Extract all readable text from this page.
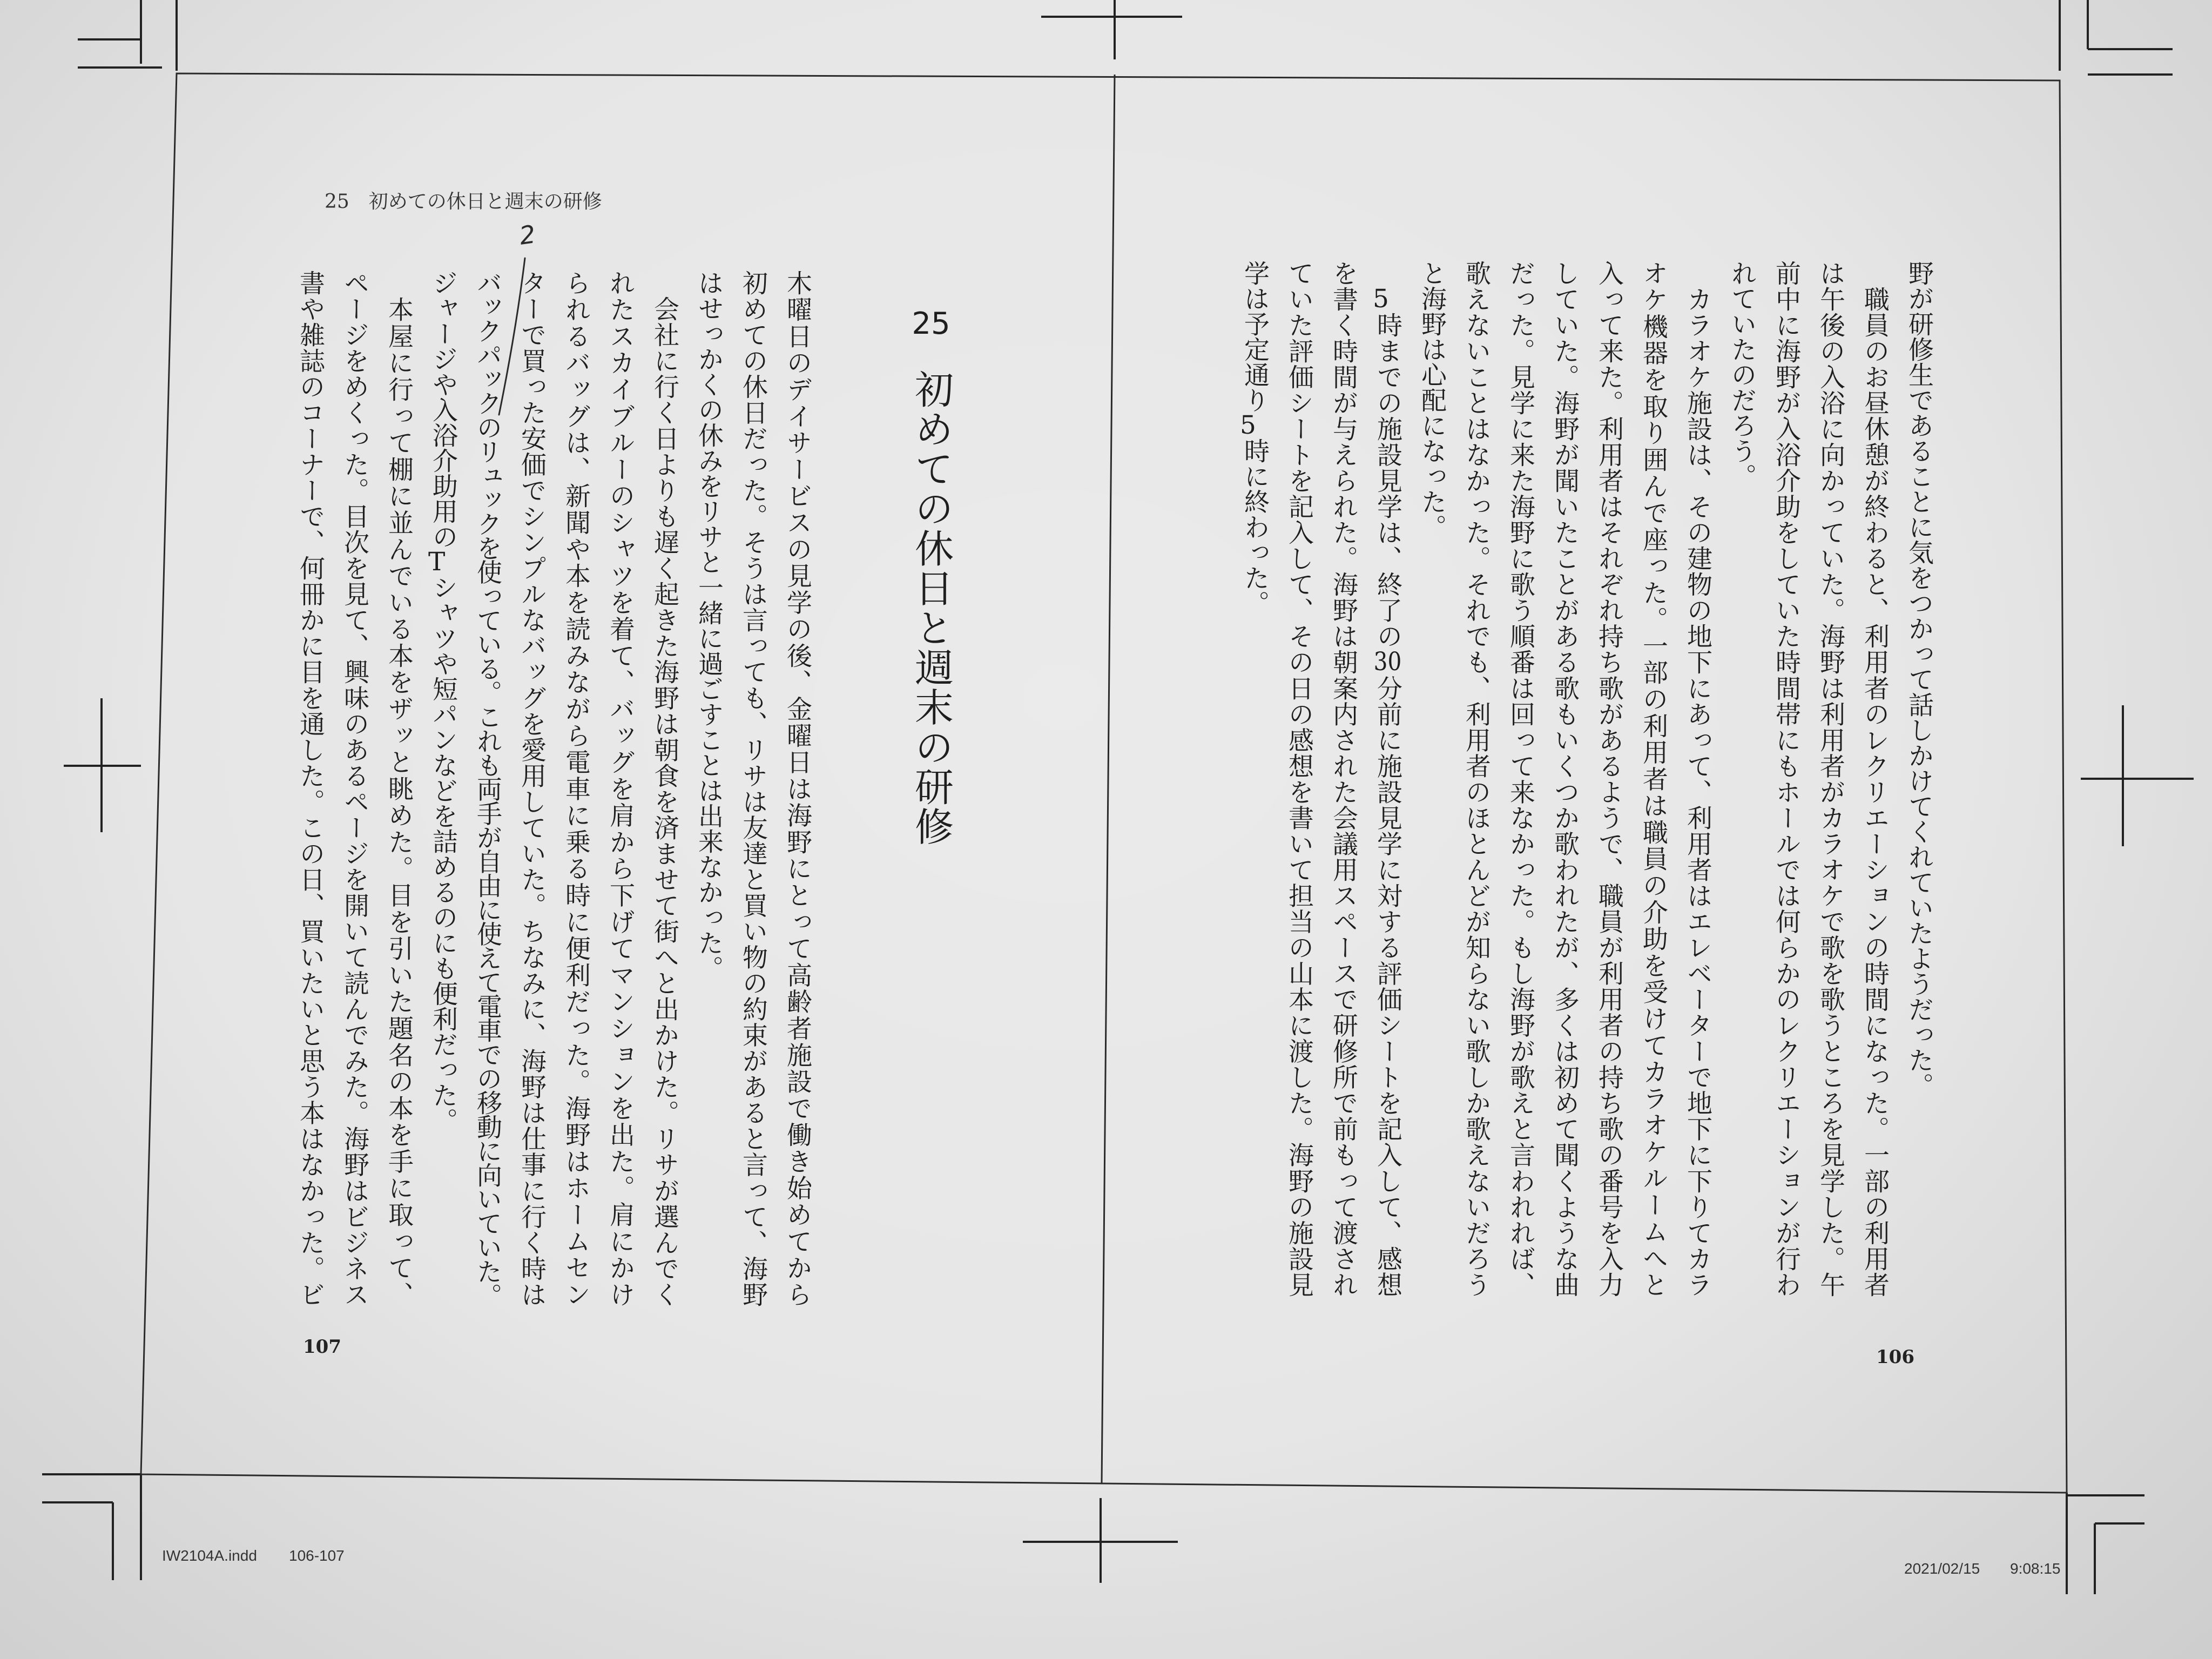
25　初めての休日と週末の研修
25
初めての休日と週末の研修
木曜日のデイサービスの見学の後、金曜日は海野にとって高齢者施設で働き始めてから
初めての休日だった。そうは言っても、リサは友達と買い物の約束があると言って、海野
はせっかくの休みをリサと一緒に過ごすことは出来なかった。
　会社に行く日よりも遅く起きた海野は朝食を済ませて街へと出かけた。リサが選んでく
れたスカイブルーのシャツを着て、バッグを肩から下げてマンションを出た。肩にかけ
られるバッグは、新聞や本を読みながら電車に乗る時に便利だった。海野はホームセン
ターで買った安価でシンプルなバッグを愛用していた。ちなみに、海野は仕事に行く時は
バックパックのリュックを使っている。これも両手が自由に使えて電車での移動に向いていた。
ジャージや入浴介助用のTシャツや短パンなどを詰めるのにも便利だった。
　本屋に行って棚に並んでいる本をザッと眺めた。目を引いた題名の本を手に取って、
ページをめくった。目次を見て、興味のあるページを開いて読んでみた。海野はビジネス
書や雑誌のコーナーで、何冊かに目を通した。この日、買いたいと思う本はなかった。ビ
107
2
野が研修生であることに気をつかって話しかけてくれていたようだった。
　職員のお昼休憩が終わると、利用者のレクリエーションの時間になった。一部の利用者
は午後の入浴に向かっていた。海野は利用者がカラオケで歌を歌うところを見学した。午
前中に海野が入浴介助をしていた時間帯にもホールでは何らかのレクリエーションが行わ
れていたのだろう。
　カラオケ施設は、その建物の地下にあって、利用者はエレベーターで地下に下りてカラ
オケ機器を取り囲んで座った。一部の利用者は職員の介助を受けてカラオケルームへと
入って来た。利用者はそれぞれ持ち歌があるようで、職員が利用者の持ち歌の番号を入力
していた。海野が聞いたことがある歌もいくつか歌われたが、多くは初めて聞くような曲
だった。見学に来た海野に歌う順番は回って来なかった。もし海野が歌えと言われれば、
歌えないことはなかった。それでも、利用者のほとんどが知らない歌しか歌えないだろう
と海野は心配になった。
　5時までの施設見学は、終了の30分前に施設見学に対する評価シートを記入して、感想
を書く時間が与えられた。海野は朝案内された会議用スペースで研修所で前もって渡され
ていた評価シートを記入して、その日の感想を書いて担当の山本に渡した。海野の施設見
学は予定通り5時に終わった。
106
IW2104A.indd 106-107
2021/02/15 9:08:15
